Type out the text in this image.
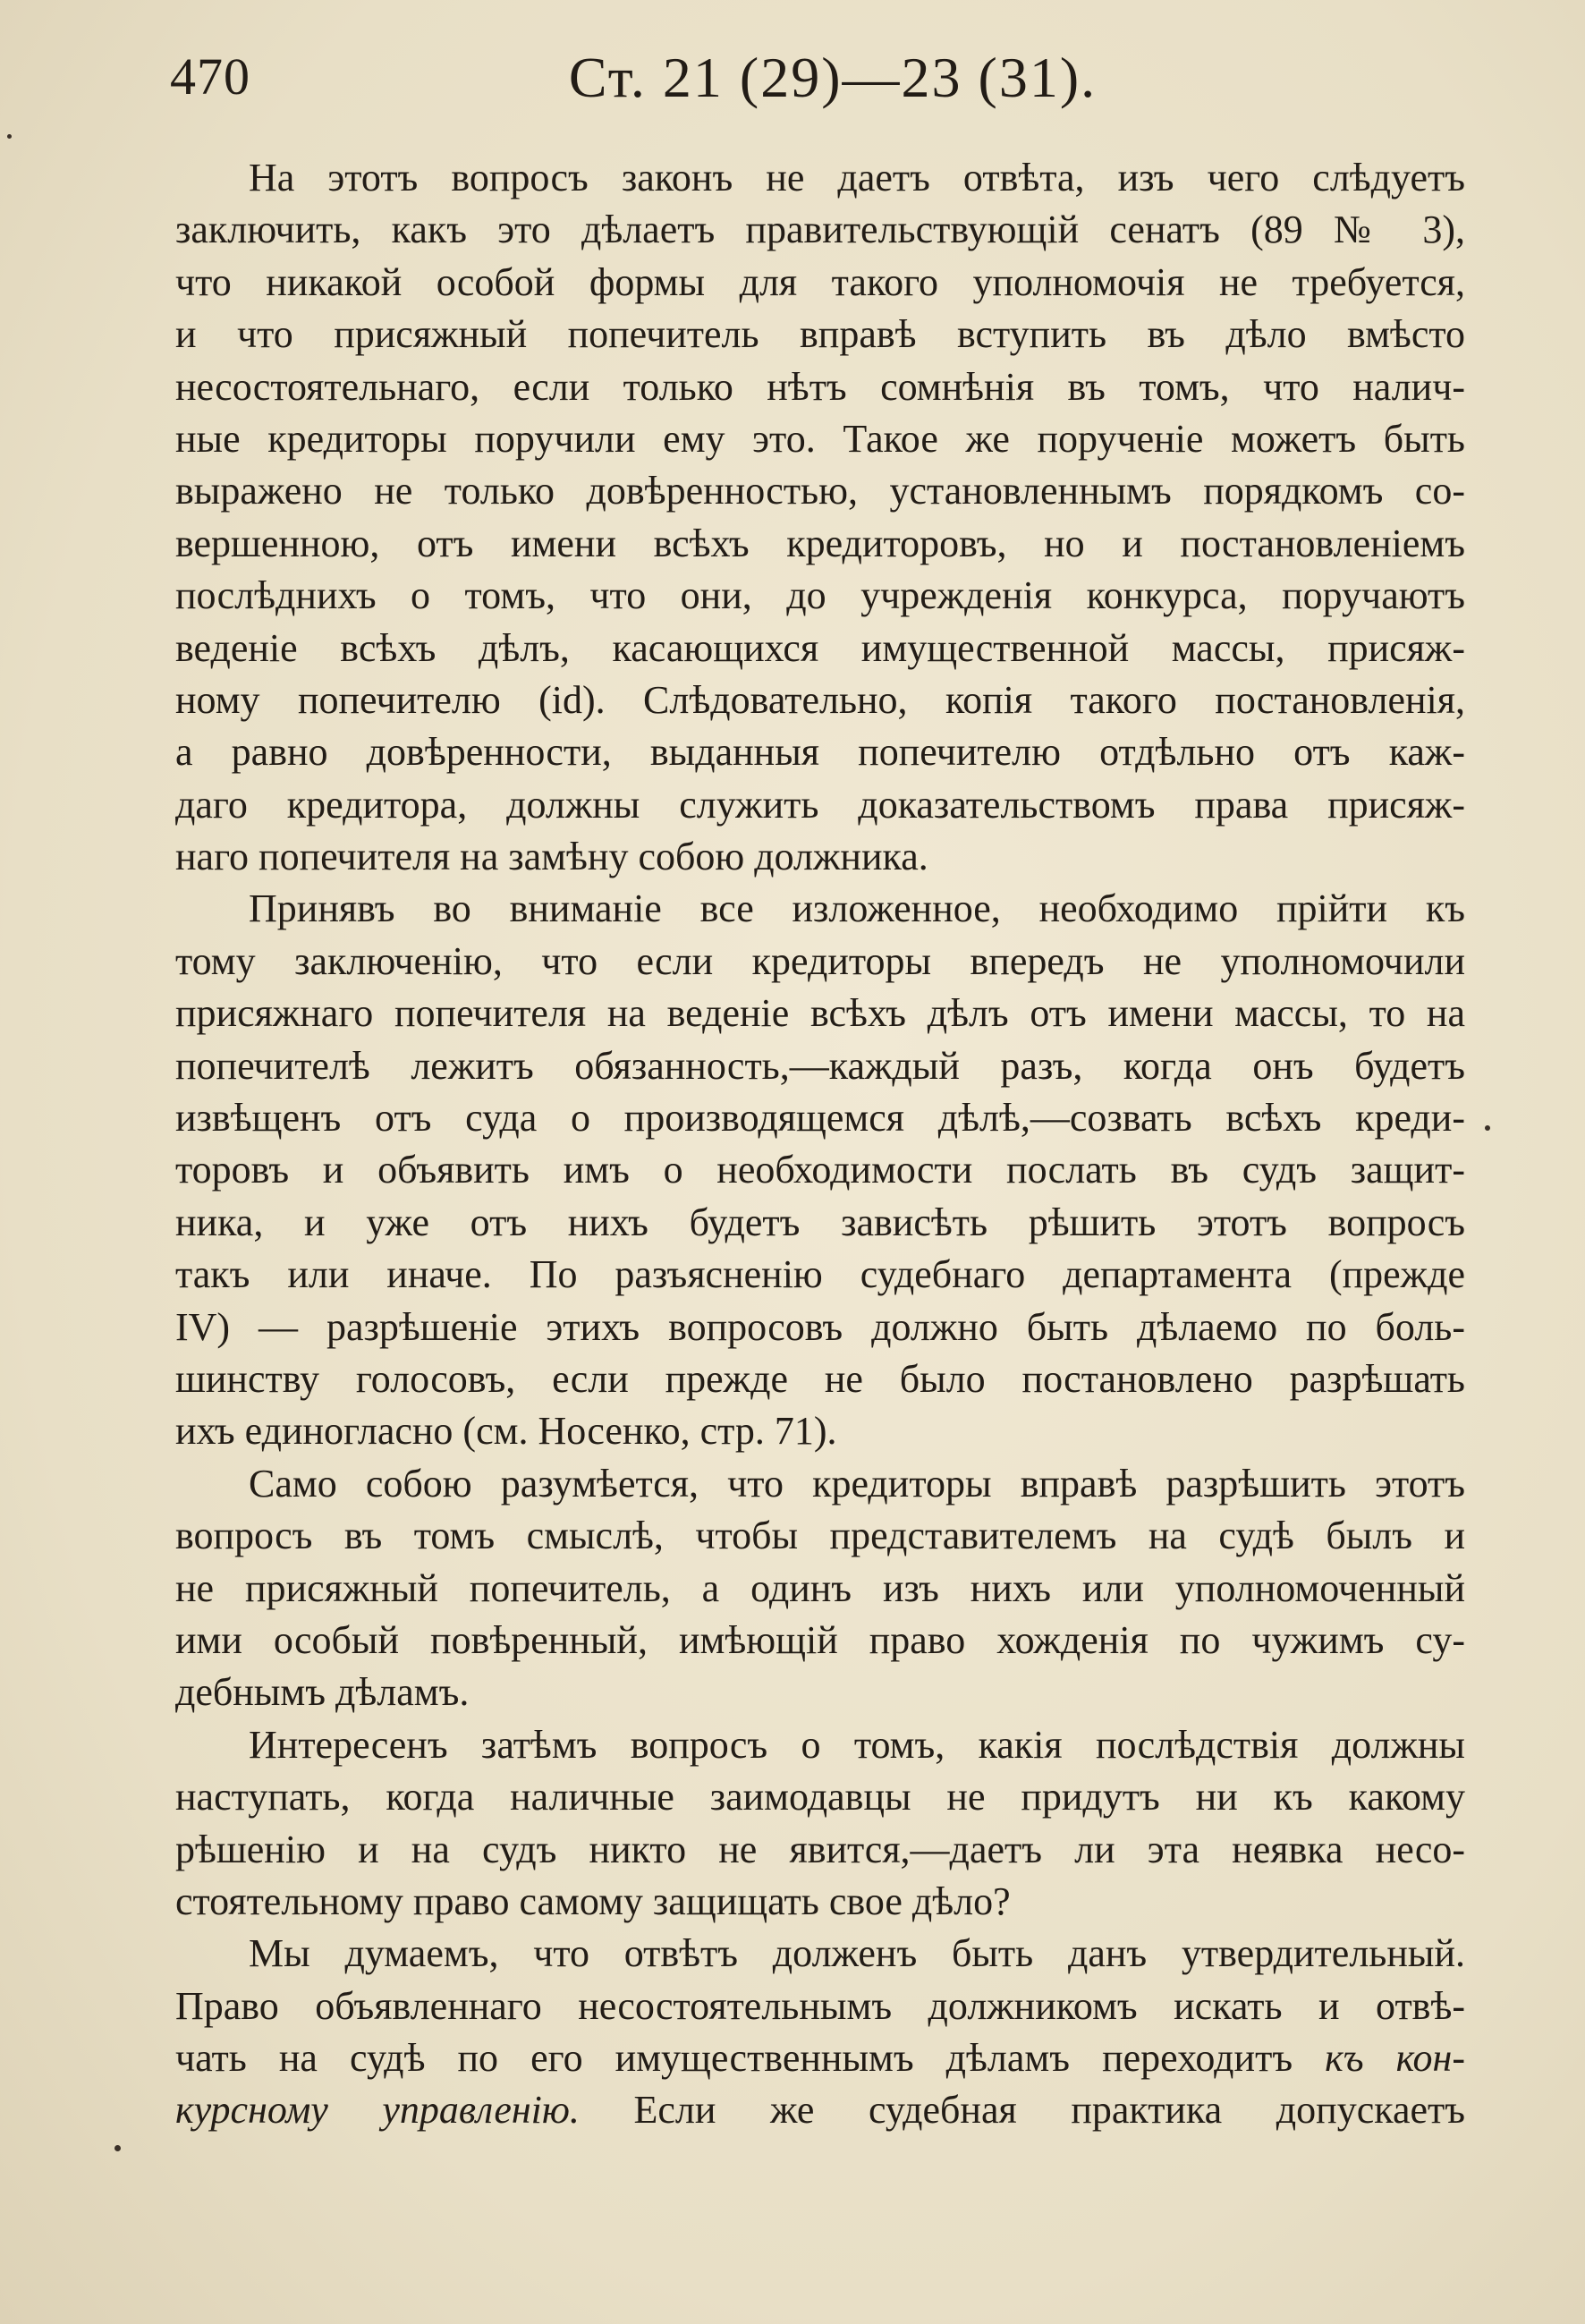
470	Ст. 21 (29)—23 (31).
На этотъ вопросъ законъ не даетъ отвѣта, изъ чего слѣдуетъ
заключить, какъ это дѣлаетъ правительствующій сенатъ (89 № 3),
что никакой особой формы для такого уполномочія не требуется,
и что присяжный попечитель вправѣ вступить въ дѣло вмѣсто
несостоятельнаго, если только нѣтъ сомнѣнія въ томъ, что налич-
ные кредиторы поручили ему это. Такое же порученіе можетъ быть
выражено не только довѣренностью, установленнымъ порядкомъ со-
вершенною, отъ имени всѣхъ кредиторовъ, но и постановленіемъ
послѣднихъ о томъ, что они, до учрежденія конкурса, поручаютъ
веденіе всѣхъ дѣлъ, касающихся имущественной массы, присяж-
ному попечителю (id). Слѣдовательно, копія такого постановленія,
а равно довѣренности, выданныя попечителю отдѣльно отъ каж-
даго кредитора, должны служить доказательствомъ права присяж-
наго попечителя на замѣну собою должника.
Принявъ во вниманіе все изложенное, необходимо прійти къ
тому заключенію, что если кредиторы впередъ не уполномочили
присяжнаго попечителя на веденіе всѣхъ дѣлъ отъ имени массы, то на
попечителѣ лежитъ обязанность,—каждый разъ, когда онъ будетъ
извѣщенъ отъ суда о производящемся дѣлѣ,—созвать всѣхъ креди-
торовъ и объявить имъ о необходимости послать въ судъ защит-
ника, и уже отъ нихъ будетъ зависѣть рѣшить этотъ вопросъ
такъ или иначе. По разъясненію судебнаго департамента (прежде
IV) — разрѣшеніе этихъ вопросовъ должно быть дѣлаемо по боль-
шинству голосовъ, если прежде не было постановлено разрѣшать
ихъ единогласно (см. Носенко, стр. 71).
Само собою разумѣется, что кредиторы вправѣ разрѣшить этотъ
вопросъ въ томъ смыслѣ, чтобы представителемъ на судѣ былъ и
не присяжный попечитель, а одинъ изъ нихъ или уполномоченный
ими особый повѣренный, имѣющій право хожденія по чужимъ су-
дебнымъ дѣламъ.
Интересенъ затѣмъ вопросъ о томъ, какія послѣдствія должны
наступать, когда наличные заимодавцы не придутъ ни къ какому
рѣшенію и на судъ никто не явится,—даетъ ли эта неявка несо-
стоятельному право самому защищать свое дѣло?
Мы думаемъ, что отвѣтъ долженъ быть данъ утвердительный.
Право объявленнаго несостоятельнымъ должникомъ искать и отвѣ-
чать на судѣ по его имущественнымъ дѣламъ переходитъ къ кон-
курсному управленію. Если же судебная практика допускаетъ
